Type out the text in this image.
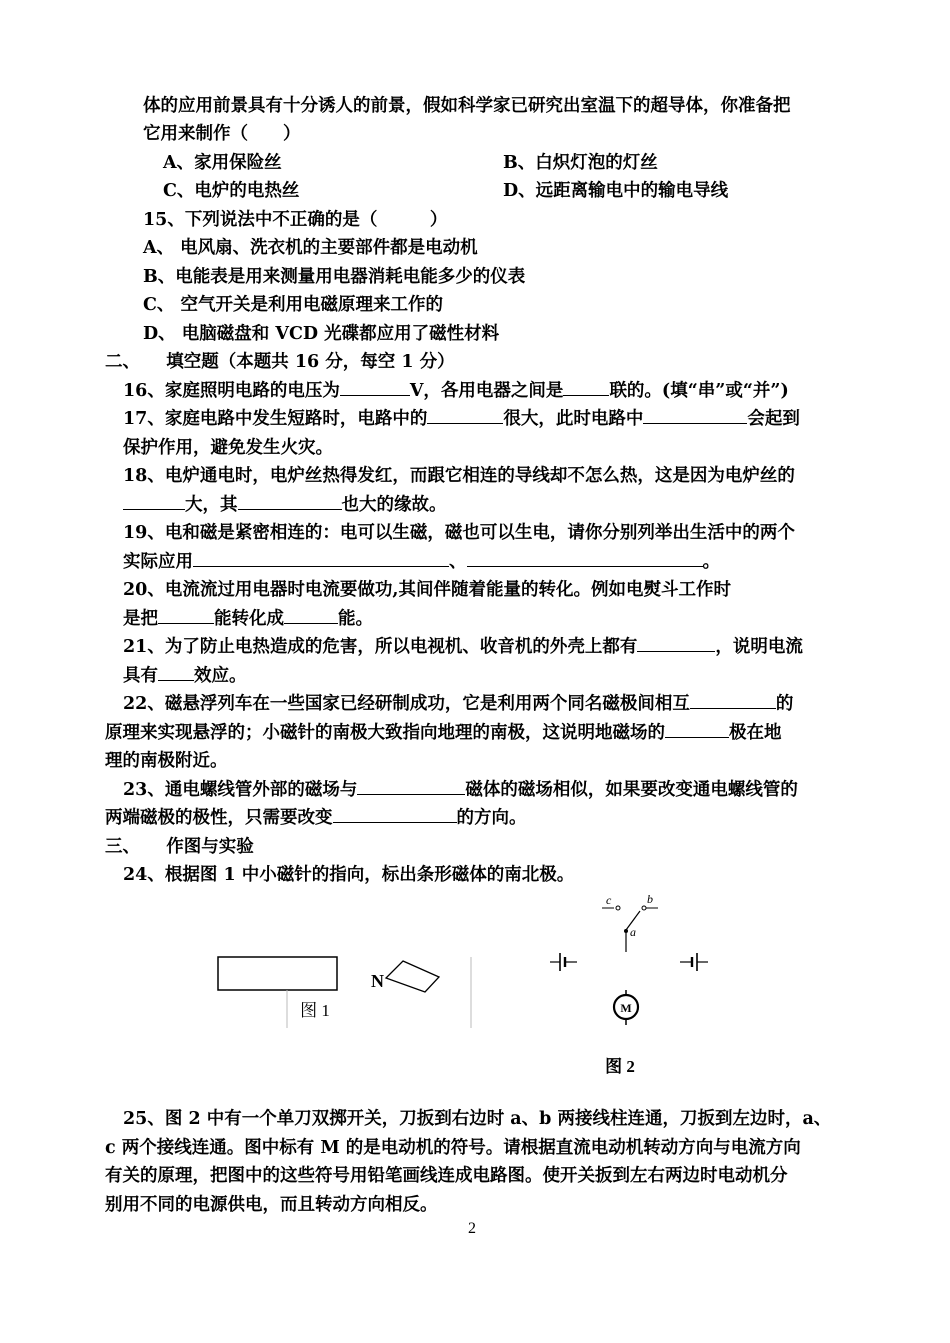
体的应用前景具有十分诱人的前景，假如科学家已研究出室温下的超导体，你准备把
它用来制作（　　）
A、家用保险丝	B、白炽灯泡的灯丝
C、电炉的电热丝	D、远距离输电中的输电导线
15、下列说法中不正确的是（　　　）
A、 电风扇、洗衣机的主要部件都是电动机
B、电能表是用来测量用电器消耗电能多少的仪表
C、 空气开关是利用电磁原理来工作的
D、 电脑磁盘和 VCD 光碟都应用了磁性材料
二、　　填空题（本题共 16 分，每空 1 分）
16、家庭照明电路的电压为	V，各用电器之间是	联的。(填“串”或“并”)
17、家庭电路中发生短路时，电路中的	很大，此时电路中	会起到
保护作用，避免发生火灾。
18、电炉通电时，电炉丝热得发红，而跟它相连的导线却不怎么热，这是因为电炉丝的
大，其	也大的缘故。
19、电和磁是紧密相连的：电可以生磁，磁也可以生电，请你分别列举出生活中的两个
实际应用	、	。
20、电流流过用电器时电流要做功,其间伴随着能量的转化。例如电熨斗工作时
是把	能转化成	能。
21、为了防止电热造成的危害，所以电视机、收音机的外壳上都有	，说明电流
具有 效应。
22、磁悬浮列车在一些国家已经研制成功，它是利用两个同名磁极间相互	的
原理来实现悬浮的；小磁针的南极大致指向地理的南极，这说明地磁场的	极在地
理的南极附近。
23、通电螺线管外部的磁场与	磁体的磁场相似，如果要改变通电螺线管的
两端磁极的极性，只需要改变	的方向。
三、　　作图与实验
24、根据图 1 中小磁针的指向，标出条形磁体的南北极。
N
图 1
c	b
a
M
图 2
25、图 2 中有一个单刀双掷开关，刀扳到右边时 a、b 两接线柱连通，刀扳到左边时，a、
c 两个接线连通。图中标有 M 的是电动机的符号。请根据直流电动机转动方向与电流方向
有关的原理，把图中的这些符号用铅笔画线连成电路图。使开关扳到左右两边时电动机分
别用不同的电源供电，而且转动方向相反。
2
